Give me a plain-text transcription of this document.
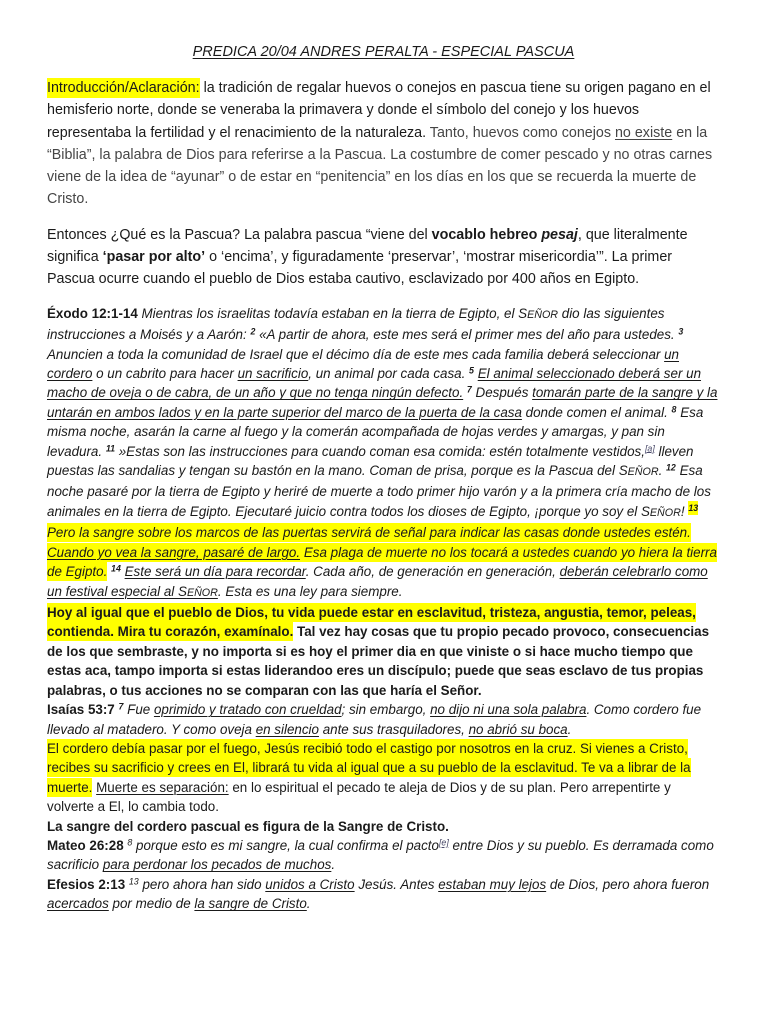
PREDICA 20/04 ANDRES PERALTA - ESPECIAL PASCUA

Introducción/Aclaración: la tradición de regalar huevos o conejos en pascua tiene su origen pagano en el hemisferio norte, donde se veneraba la primavera y donde el símbolo del conejo y los huevos representaba la fertilidad y el renacimiento de la naturaleza. Tanto, huevos como conejos no existe en la “Biblia”, la palabra de Dios para referirse a la Pascua. La costumbre de comer pescado y no otras carnes viene de la idea de “ayunar” o de estar en “penitencia” en los días en los que se recuerda la muerte de Cristo.

Entonces ¿Qué es la Pascua? La palabra pascua “viene del vocablo hebreo pesaj, que literalmente significa ‘pasar por alto’ o ‘encima’, y figuradamente ‘preservar’, ‘mostrar misericordia’”. La primer Pascua ocurre cuando el pueblo de Dios estaba cautivo, esclavizado por 400 años en Egipto.

Éxodo 12:1-14 Mientras los israelitas todavía estaban en la tierra de Egipto, el SEÑOR dio las siguientes instrucciones a Moisés y a Aarón: $^2$ «A partir de ahora, este mes será el primer mes del año para ustedes. $^3$ Anuncien a toda la comunidad de Israel que el décimo día de este mes cada familia deberá seleccionar un cordero o un cabrito para hacer un sacrificio, un animal por cada casa. $^5$ El animal seleccionado deberá ser un macho de oveja o de cabra, de un año y que no tenga ningún defecto. $^7$ Después tomarán parte de la sangre y la untarán en ambos lados y en la parte superior del marco de la puerta de la casa donde comen el animal. $^8$ Esa misma noche, asarán la carne al fuego y la comerán acompañada de hojas verdes y amargas, y pan sin levadura. $^{11}$ »Estas son las instrucciones para cuando coman esa comida: estén totalmente vestidos,[a] lleven puestas las sandalias y tengan su bastón en la mano. Coman de prisa, porque es la Pascua del SEÑOR. $^{12}$ Esa noche pasaré por la tierra de Egipto y heriré de muerte a todo primer hijo varón y a la primera cría macho de los animales en la tierra de Egipto. Ejecutaré juicio contra todos los dioses de Egipto, ¡porque yo soy el SEÑOR! $^{13}$ Pero la sangre sobre los marcos de las puertas servirá de señal para indicar las casas donde ustedes estén. Cuando yo vea la sangre, pasaré de largo. Esa plaga de muerte no los tocará a ustedes cuando yo hiera la tierra de Egipto. $^{14}$ Este será un día para recordar. Cada año, de generación en generación, deberán celebrarlo como un festival especial al SEÑOR. Esta es una ley para siempre.

Hoy al igual que el pueblo de Dios, tu vida puede estar en esclavitud, tristeza, angustia, temor, peleas, contienda. Mira tu corazón, examínalo. Tal vez hay cosas que tu propio pecado provoco, consecuencias de los que sembraste, y no importa si es hoy el primer dia en que viniste o si hace mucho tiempo que estas aca, tampo importa si estas liderandoo eres un discípulo; puede que seas esclavo de tus propias palabras, o tus acciones no se comparan con las que haría el Señor.

Isaías 53:7 $^7$ Fue oprimido y tratado con crueldad; sin embargo, no dijo ni una sola palabra. Como cordero fue llevado al matadero. Y como oveja en silencio ante sus trasquiladores, no abrió su boca.

El cordero debía pasar por el fuego, Jesús recibió todo el castigo por nosotros en la cruz. Si vienes a Cristo, recibes su sacrificio y crees en El, librará tu vida al igual que a su pueblo de la esclavitud. Te va a librar de la muerte. Muerte es separación: en lo espiritual el pecado te aleja de Dios y de su plan. Pero arrepentirte y volverte a El, lo cambia todo.

La sangre del cordero pascual es figura de la Sangre de Cristo.

Mateo 26:28 $^8$ porque esto es mi sangre, la cual confirma el pacto[e] entre Dios y su pueblo. Es derramada como sacrificio para perdonar los pecados de muchos.

Efesios 2:13 $^{13}$ pero ahora han sido unidos a Cristo Jesús. Antes estaban muy lejos de Dios, pero ahora fueron acercados por medio de la sangre de Cristo.
